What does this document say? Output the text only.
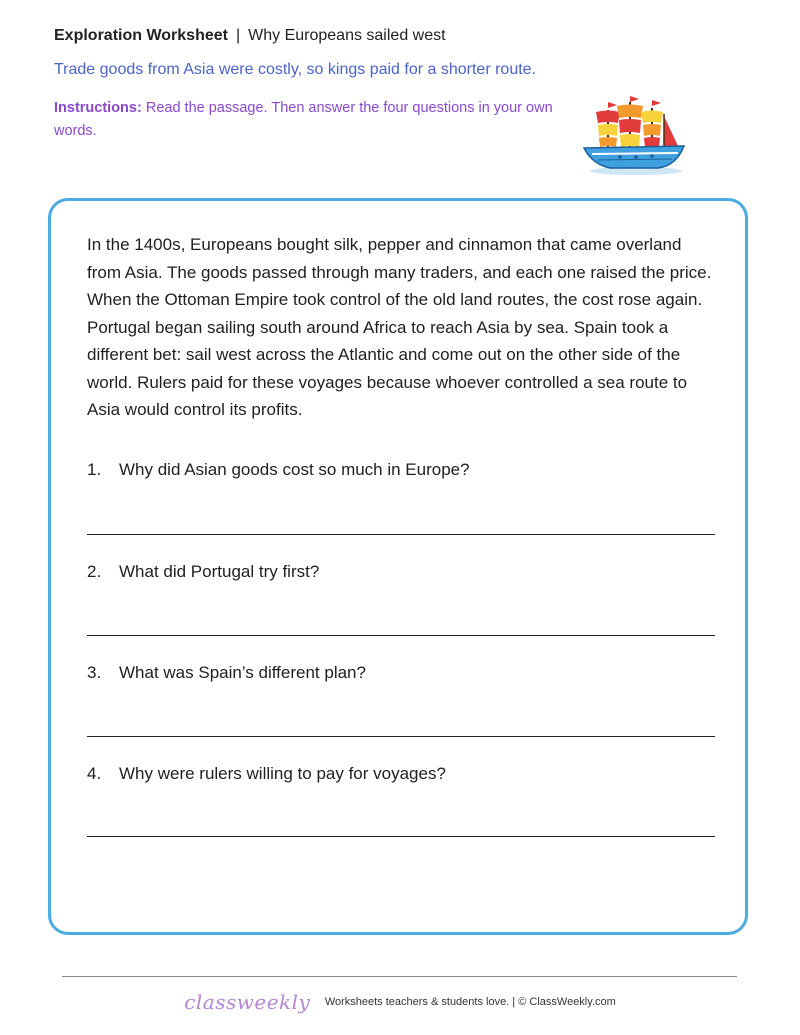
Exploration Worksheet | Why Europeans sailed west
Trade goods from Asia were costly, so kings paid for a shorter route.
Instructions: Read the passage. Then answer the four questions in your own words.

In the 1400s, Europeans bought silk, pepper and cinnamon that came overland from Asia. The goods passed through many traders, and each one raised the price. When the Ottoman Empire took control of the old land routes, the cost rose again. Portugal began sailing south around Africa to reach Asia by sea. Spain took a different bet: sail west across the Atlantic and come out on the other side of the world. Rulers paid for these voyages because whoever controlled a sea route to Asia would control its profits.

1. Why did Asian goods cost so much in Europe?
2. What did Portugal try first?
3. What was Spain’s different plan?
4. Why were rulers willing to pay for voyages?
classweekly Worksheets teachers & students love. | © ClassWeekly.com
